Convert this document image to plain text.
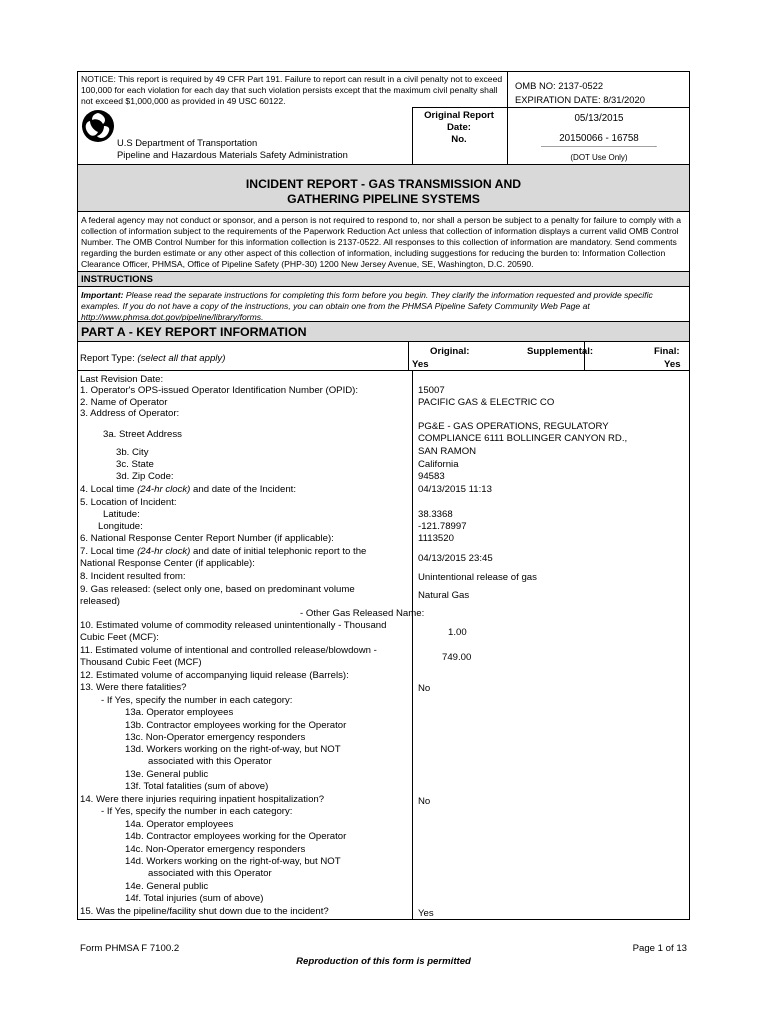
NOTICE: This report is required by 49 CFR Part 191. Failure to report can result in a civil penalty not to exceed 100,000 for each violation for each day that such violation persists except that the maximum civil penalty shall not exceed $1,000,000 as provided in 49 USC 60122.
OMB NO: 2137-0522
EXPIRATION DATE: 8/31/2020
U.S Department of Transportation
Pipeline and Hazardous Materials Safety Administration
Original Report Date:
No.
05/13/2015
20150066 - 16758
----------------------------------------------------------
(DOT Use Only)
INCIDENT REPORT - GAS TRANSMISSION AND
GATHERING PIPELINE SYSTEMS
A federal agency may not conduct or sponsor, and a person is not required to respond to, nor shall a person be subject to a penalty for failure to comply with a collection of information subject to the requirements of the Paperwork Reduction Act unless that collection of information displays a current valid OMB Control Number. The OMB Control Number for this information collection is 2137-0522. All responses to this collection of information are mandatory. Send comments regarding the burden estimate or any other aspect of this collection of information, including suggestions for reducing the burden to: Information Collection Clearance Officer, PHMSA, Office of Pipeline Safety (PHP-30) 1200 New Jersey Avenue, SE, Washington, D.C. 20590.
INSTRUCTIONS
Important: Please read the separate instructions for completing this form before you begin. They clarify the information requested and provide specific examples. If you do not have a copy of the instructions, you can obtain one from the PHMSA Pipeline Safety Community Web Page at http://www.phmsa.dot.gov/pipeline/library/forms.
PART A - KEY REPORT INFORMATION
Report Type: (select all that apply)
Original:
Yes
Supplemental:	Final:
Yes
Last Revision Date:
1. Operator's OPS-issued Operator Identification Number (OPID):
2. Name of Operator
3. Address of Operator:
3a. Street Address
3b. City
3c. State
3d. Zip Code:
4. Local time (24-hr clock) and date of the Incident:
5. Location of Incident:
Latitude:
Longitude:
6. National Response Center Report Number (if applicable):
7. Local time (24-hr clock) and date of initial telephonic report to the
National Response Center (if applicable):
8. Incident resulted from:
9. Gas released: (select only one, based on predominant volume
released)
- Other Gas Released Name:
10. Estimated volume of commodity released unintentionally - Thousand
Cubic Feet (MCF):
11. Estimated volume of intentional and controlled release/blowdown -
Thousand Cubic Feet (MCF)
12. Estimated volume of accompanying liquid release (Barrels):
13. Were there fatalities?
- If Yes, specify the number in each category:
13a. Operator employees
13b. Contractor employees working for the Operator
13c. Non-Operator emergency responders
13d. Workers working on the right-of-way, but NOT
associated with this Operator
13e. General public
13f. Total fatalities (sum of above)
14. Were there injuries requiring inpatient hospitalization?
- If Yes, specify the number in each category:
14a. Operator employees
14b. Contractor employees working for the Operator
14c. Non-Operator emergency responders
14d. Workers working on the right-of-way, but NOT
associated with this Operator
14e. General public
14f. Total injuries (sum of above)
15. Was the pipeline/facility shut down due to the incident?
15007
PACIFIC GAS & ELECTRIC CO
PG&E - GAS OPERATIONS, REGULATORY
COMPLIANCE 6111 BOLLINGER CANYON RD.,
SAN RAMON
California
94583
04/13/2015 11:13
38.3368
-121.78997
1113520
04/13/2015 23:45
Unintentional release of gas
Natural Gas
1.00
749.00
No
No
Yes
Form PHMSA F 7100.2	Page 1 of 13
Reproduction of this form is permitted
